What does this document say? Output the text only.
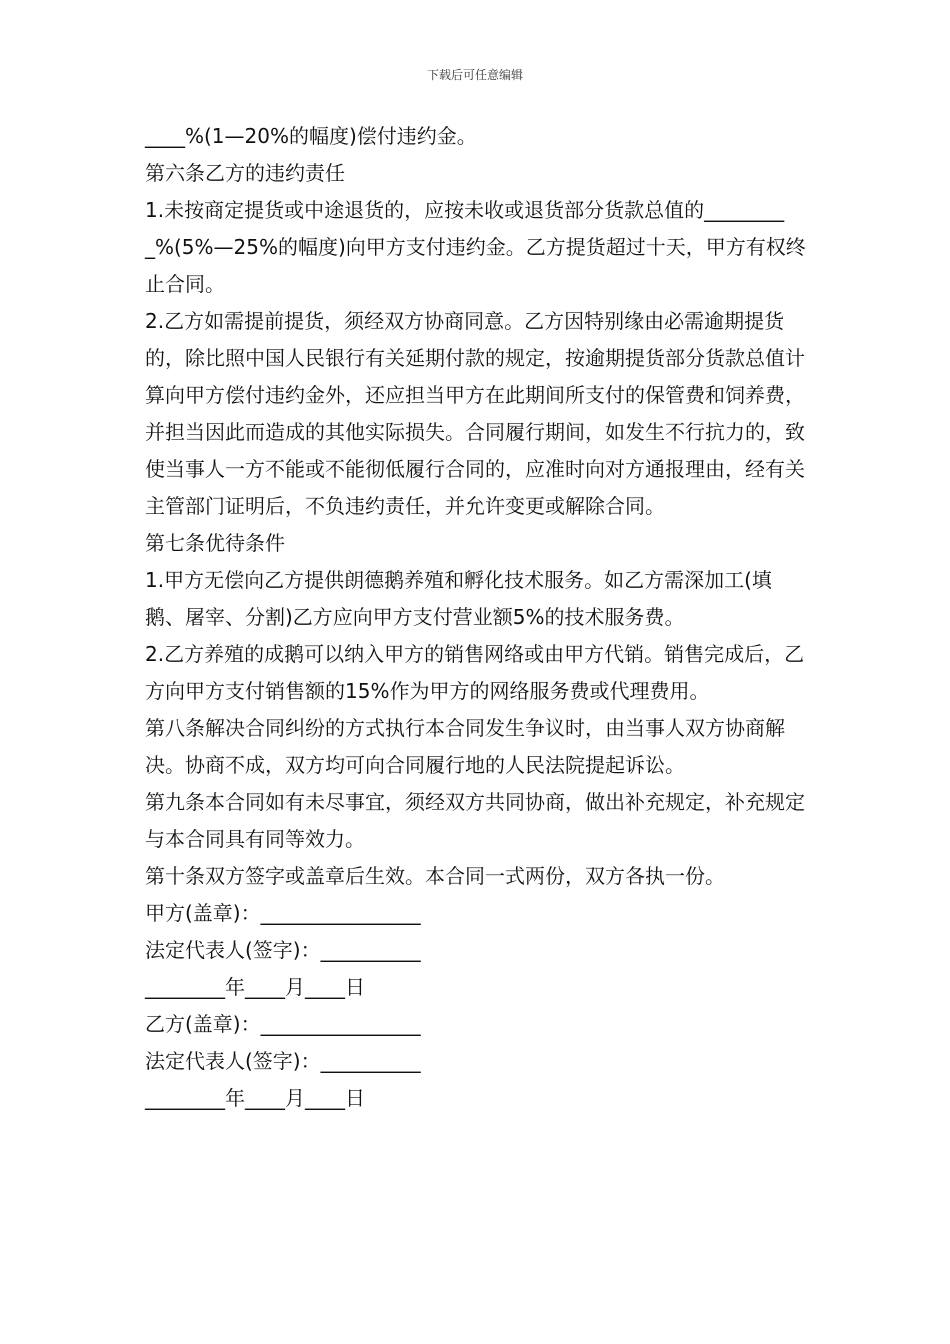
下载后可任意编辑

____%(1—20%的幅度)偿付违约金。

第六条乙方的违约责任

1.未按商定提货或中途退货的，应按未收或退货部分货款总值的_________%(5%—25%的幅度)向甲方支付违约金。乙方提货超过十天，甲方有权终止合同。

2.乙方如需提前提货，须经双方协商同意。乙方因特别缘由必需逾期提货的，除比照中国人民银行有关延期付款的规定，按逾期提货部分货款总值计算向甲方偿付违约金外，还应担当甲方在此期间所支付的保管费和饲养费，并担当因此而造成的其他实际损失。合同履行期间，如发生不行抗力的，致使当事人一方不能或不能彻低履行合同的，应准时向对方通报理由，经有关主管部门证明后，不负违约责任，并允许变更或解除合同。

第七条优待条件

1.甲方无偿向乙方提供朗德鹅养殖和孵化技术服务。如乙方需深加工(填鹅、屠宰、分割)乙方应向甲方支付营业额5%的技术服务费。

2.乙方养殖的成鹅可以纳入甲方的销售网络或由甲方代销。销售完成后，乙方向甲方支付销售额的15%作为甲方的网络服务费或代理费用。

第八条解决合同纠纷的方式执行本合同发生争议时，由当事人双方协商解决。协商不成，双方均可向合同履行地的人民法院提起诉讼。

第九条本合同如有未尽事宜，须经双方共同协商，做出补充规定，补充规定与本合同具有同等效力。

第十条双方签字或盖章后生效。本合同一式两份，双方各执一份。

甲方(盖章)：________________

法定代表人(签字)：__________

________年____月____日

乙方(盖章)：________________

法定代表人(签字)：__________

________年____月____日
